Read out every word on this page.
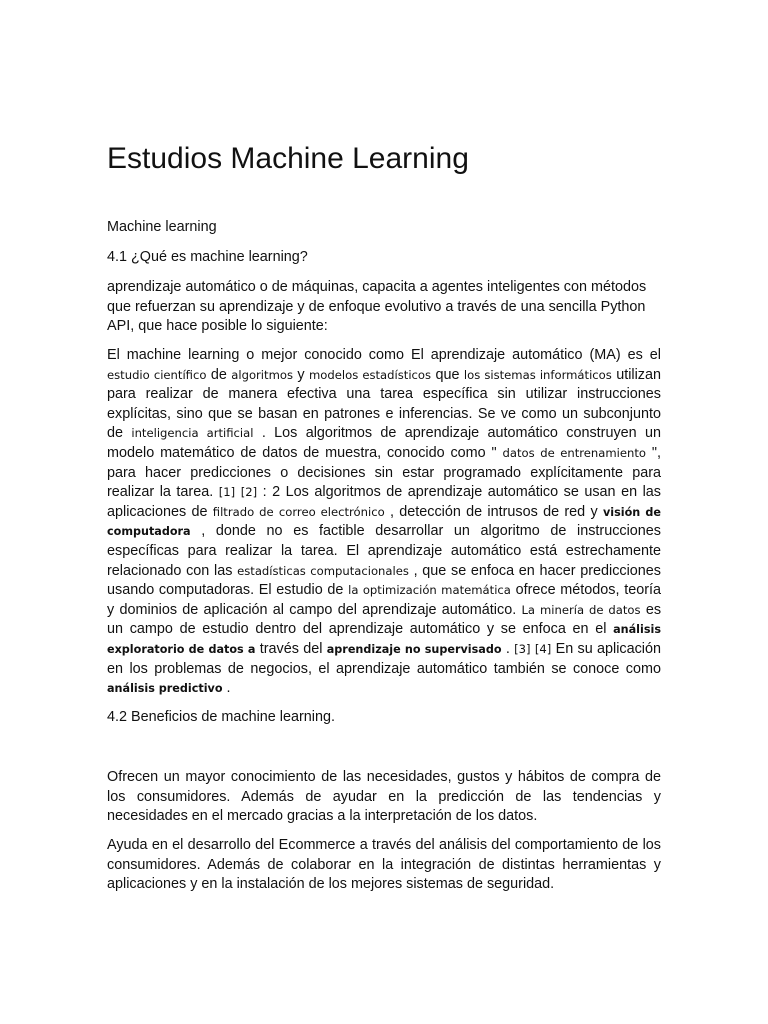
Estudios Machine Learning

Machine learning

4.1 ¿Qué es machine learning?

aprendizaje automático o de máquinas, capacita a agentes inteligentes con métodos que refuerzan su aprendizaje y de enfoque evolutivo a través de una sencilla Python API, que hace posible lo siguiente:

El machine learning o mejor conocido como El aprendizaje automático (MA) es el estudio científico de algoritmos y modelos estadísticos que los sistemas informáticos utilizan para realizar de manera efectiva una tarea específica sin utilizar instrucciones explícitas, sino que se basan en patrones e inferencias. Se ve como un subconjunto de inteligencia artificial . Los algoritmos de aprendizaje automático construyen un modelo matemático de datos de muestra, conocido como " datos de entrenamiento ", para hacer predicciones o decisiones sin estar programado explícitamente para realizar la tarea. [1] [2] : 2 Los algoritmos de aprendizaje automático se usan en las aplicaciones de filtrado de correo electrónico , detección de intrusos de red y visión de computadora , donde no es factible desarrollar un algoritmo de instrucciones específicas para realizar la tarea. El aprendizaje automático está estrechamente relacionado con las estadísticas computacionales , que se enfoca en hacer predicciones usando computadoras. El estudio de la optimización matemática ofrece métodos, teoría y dominios de aplicación al campo del aprendizaje automático. La minería de datos es un campo de estudio dentro del aprendizaje automático y se enfoca en el análisis exploratorio de datos a través del aprendizaje no supervisado . [3] [4] En su aplicación en los problemas de negocios, el aprendizaje automático también se conoce como análisis predictivo .

4.2 Beneficios de machine learning.

Ofrecen un mayor conocimiento de las necesidades, gustos y hábitos de compra de los consumidores. Además de ayudar en la predicción de las tendencias y necesidades en el mercado gracias a la interpretación de los datos.

Ayuda en el desarrollo del Ecommerce a través del análisis del comportamiento de los consumidores. Además de colaborar en la integración de distintas herramientas y aplicaciones y en la instalación de los mejores sistemas de seguridad.
